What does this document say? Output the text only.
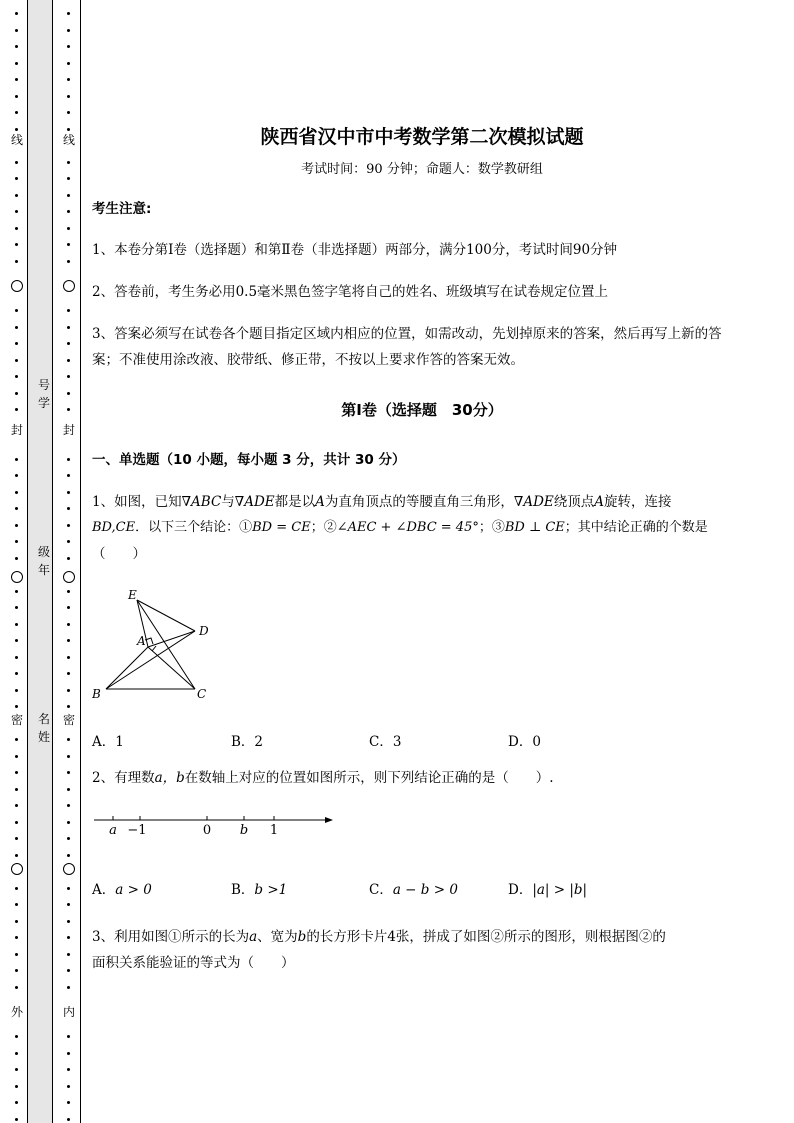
线
封
密
外
号
学
级
年
名
姓
线
封
密
内
陕西省汉中市中考数学第二次模拟试题
考试时间：90 分钟；命题人：数学教研组
考生注意:
1、本卷分第Ⅰ卷（选择题）和第Ⅱ卷（非选择题）两部分，满分100分，考试时间90分钟
2、答卷前，考生务必用0.5毫米黑色签字笔将自己的姓名、班级填写在试卷规定位置上
3、答案必须写在试卷各个题目指定区域内相应的位置，如需改动，先划掉原来的答案，然后再写上新的答案；不准使用涂改液、胶带纸、修正带，不按以上要求作答的答案无效。
第Ⅰ卷（选择题　30分）
一、单选题（10 小题，每小题 3 分，共计 30 分）
1、如图，已知∇ABC与∇ADE都是以A为直角顶点的等腰直角三角形，∇ADE绕顶点A旋转，连接
BD,CE．以下三个结论：①BD = CE；②∠AEC + ∠DBC = 45°；③BD ⊥ CE；其中结论正确的个数是
（　　）
E
A
D
B	C
A．1	B．2	C．3	D．0
2、有理数a，b在数轴上对应的位置如图所示，则下列结论正确的是（　　）.
a −1	0 b 1
A．a > 0	B．b >1	C．a − b > 0	D．|a| > |b|
3、利用如图①所示的长为a、宽为b的长方形卡片4张，拼成了如图②所示的图形，则根据图②的
面积关系能验证的等式为（　　）
